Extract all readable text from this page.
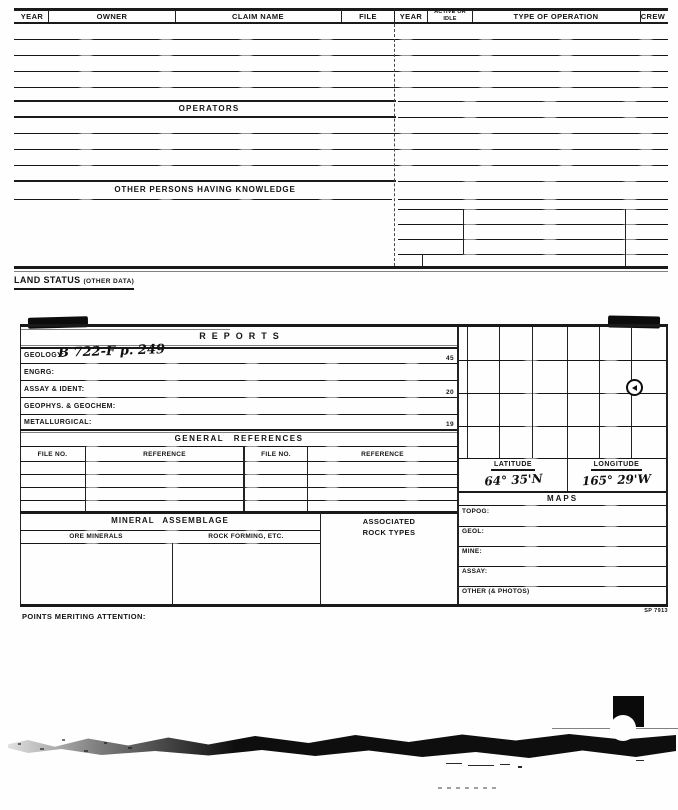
YEAR	OWNER	CLAIM NAME	FILE	YEAR	ACTIVE OR IDLE	TYPE OF OPERATION	CREW
OPERATORS
OTHER PERSONS HAVING KNOWLEDGE
LAND STATUS (OTHER DATA)
REPORTS
GEOLOGY:
B 722-F p. 249	45
ENGRG:
ASSAY & IDENT:	20
GEOPHYS. & GEOCHEM:
METALLURGICAL:	19
GENERAL REFERENCES
FILE NO.	REFERENCE	FILE NO.	REFERENCE
MINERAL ASSEMBLAGE	ASSOCIATED ROCK TYPES
ORE MINERALS	ROCK FORMING, ETC.
POINTS MERITING ATTENTION:
LATITUDE	LONGITUDE
64° 35'N	165° 29'W
MAPS
TOPOG:
GEOL:
MINE:
ASSAY:
OTHER (& PHOTOS)
SP 7913
